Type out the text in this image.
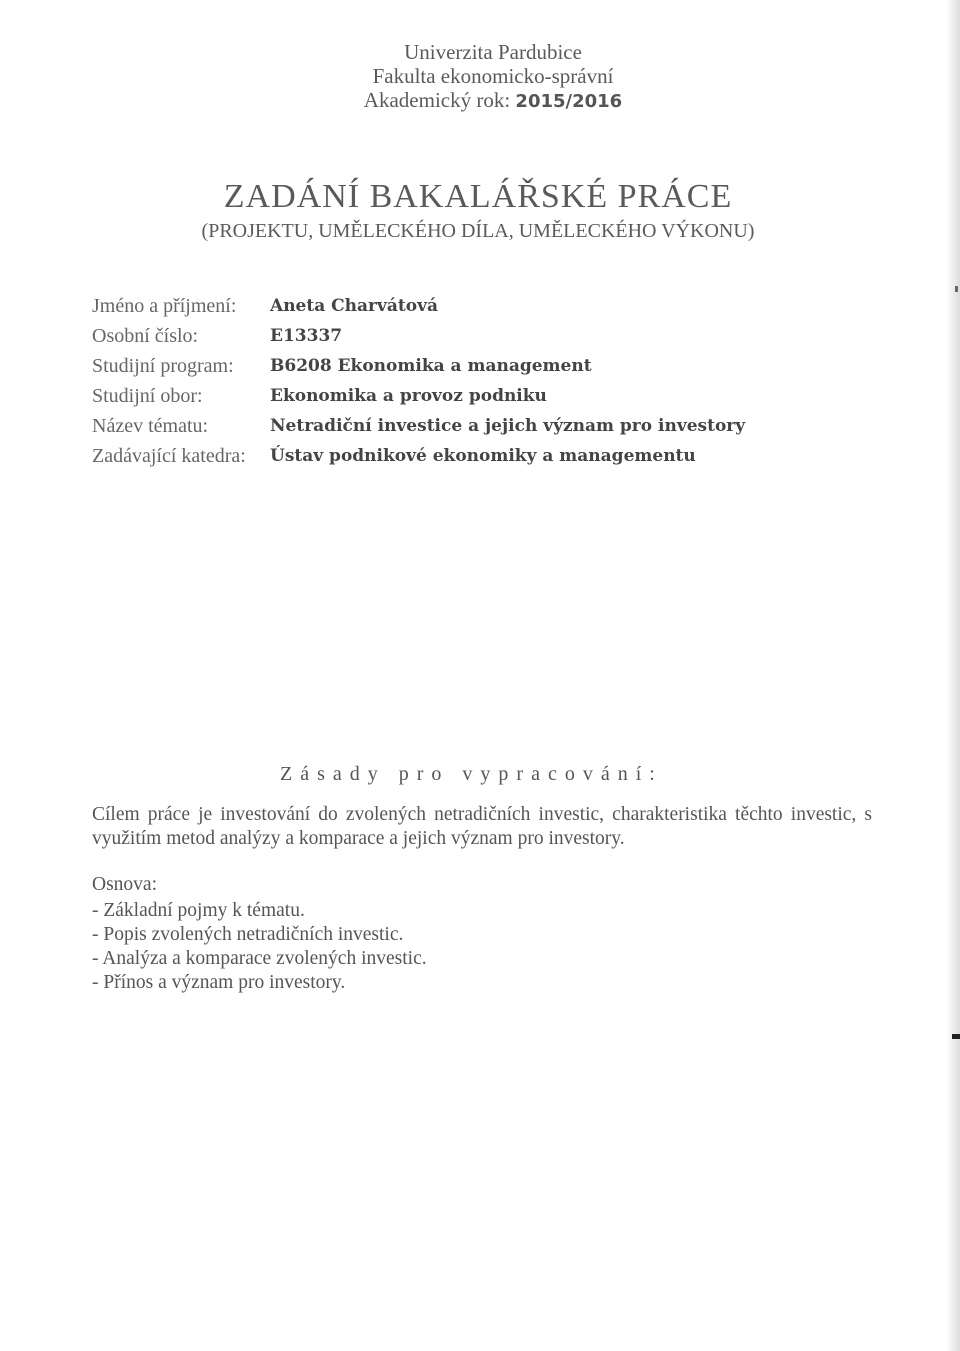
Univerzita Pardubice
Fakulta ekonomicko-správní
Akademický rok: 2015/2016
ZADÁNÍ BAKALÁŘSKÉ PRÁCE
(PROJEKTU, UMĚLECKÉHO DÍLA, UMĚLECKÉHO VÝKONU)
Jméno a příjmení: Aneta Charvátová
Osobní číslo:	E13337
Studijní program: B6208 Ekonomika a management
Studijní obor:	Ekonomika a provoz podniku
Název tématu:	Netradiční investice a jejich význam pro investory
Zadávající katedra: Ústav podnikové ekonomiky a managementu
Zásady pro vypracování:
Cílem práce je investování do zvolených netradičních investic, charakteristika těchto investic, s využitím metod analýzy a komparace a jejich význam pro investory.
Osnova:
- Základní pojmy k tématu.
- Popis zvolených netradičních investic.
- Analýza a komparace zvolených investic.
- Přínos a význam pro investory.
